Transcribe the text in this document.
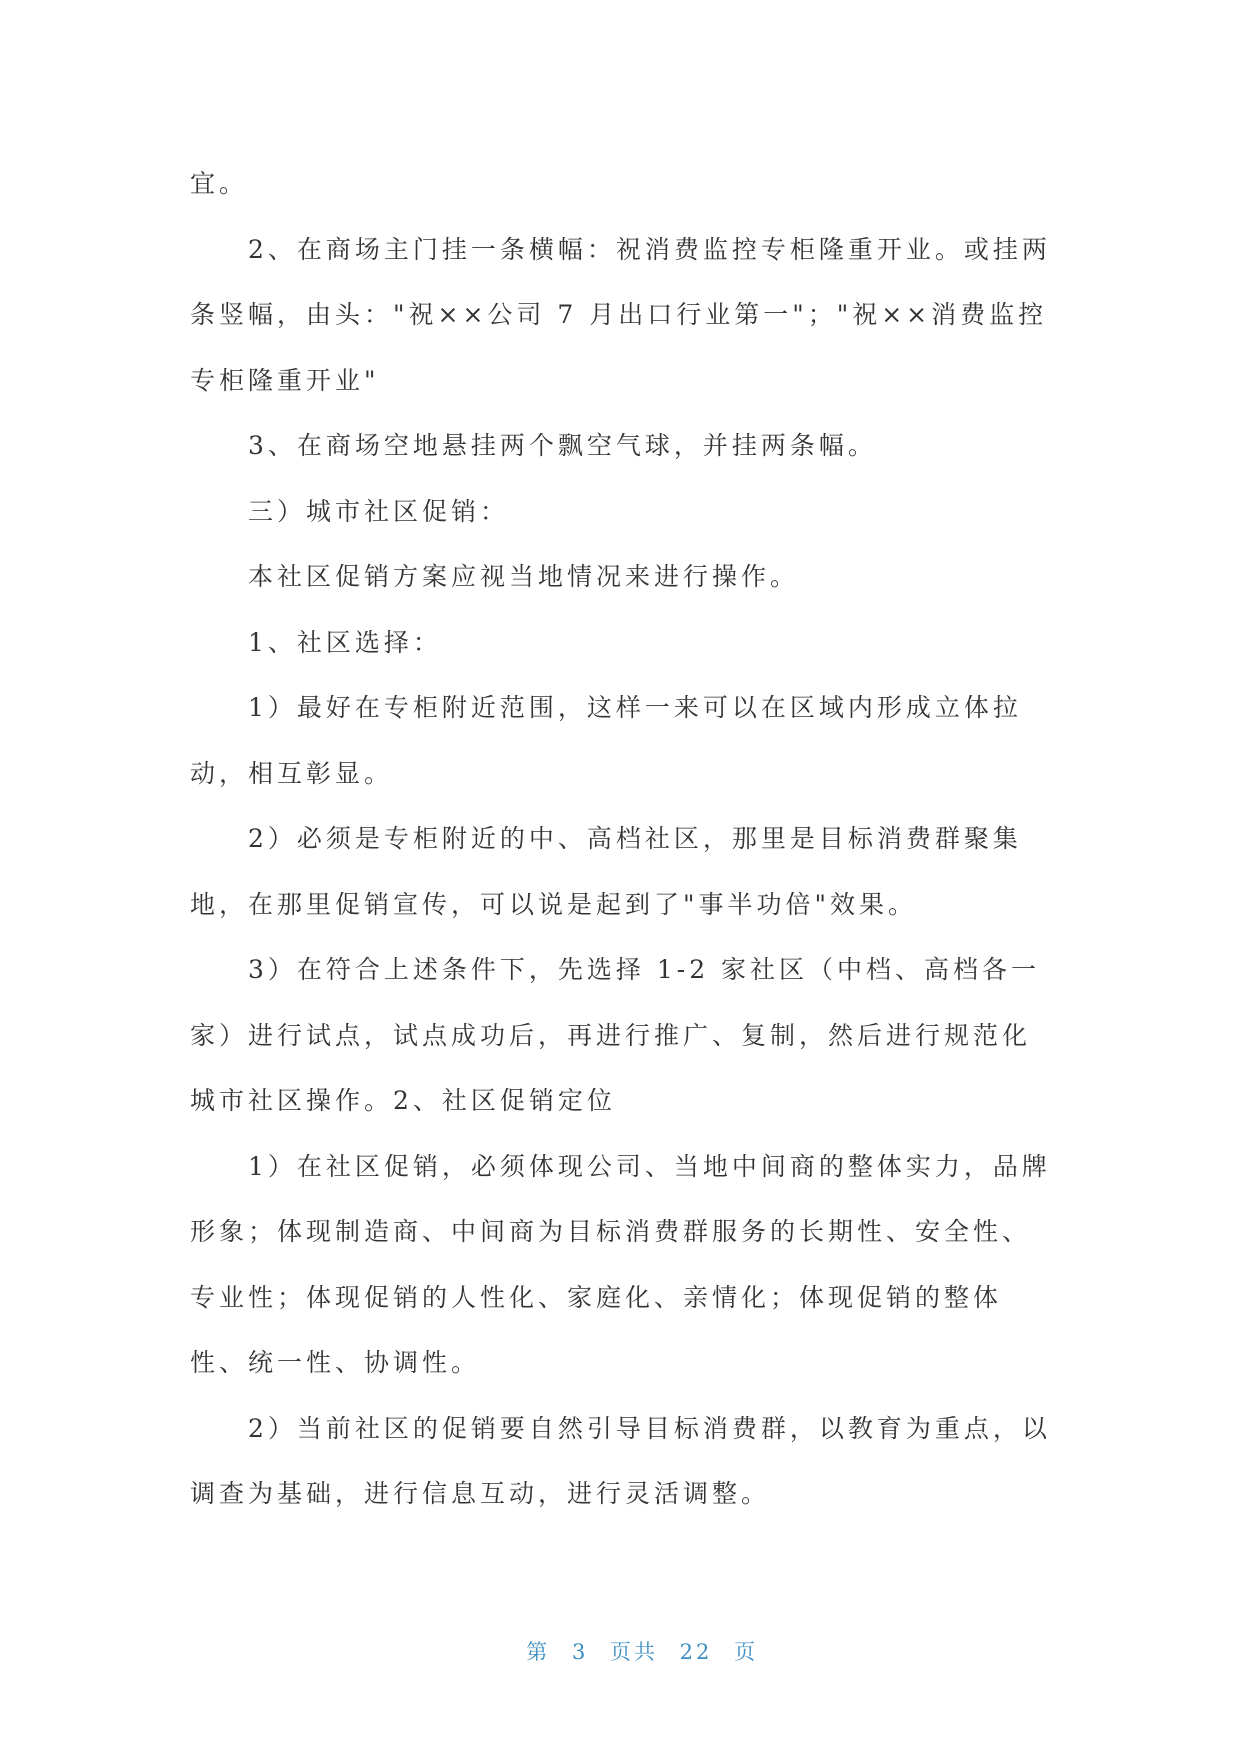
宜。
2、在商场主门挂一条横幅：祝消费监控专柜隆重开业。或挂两
条竖幅，由头："祝××公司 7 月出口行业第一"；"祝××消费监控
专柜隆重开业"
3、在商场空地悬挂两个飘空气球，并挂两条幅。
三）城市社区促销：
本社区促销方案应视当地情况来进行操作。
1、社区选择：
1）最好在专柜附近范围，这样一来可以在区域内形成立体拉
动，相互彰显。
2）必须是专柜附近的中、高档社区，那里是目标消费群聚集
地，在那里促销宣传，可以说是起到了"事半功倍"效果。
3）在符合上述条件下，先选择 1-2 家社区（中档、高档各一
家）进行试点，试点成功后，再进行推广、复制，然后进行规范化
城市社区操作。2、社区促销定位
1）在社区促销，必须体现公司、当地中间商的整体实力，品牌
形象；体现制造商、中间商为目标消费群服务的长期性、安全性、
专业性；体现促销的人性化、家庭化、亲情化；体现促销的整体
性、统一性、协调性。
2）当前社区的促销要自然引导目标消费群，以教育为重点，以
调查为基础，进行信息互动，进行灵活调整。

第 3 页共 22 页
